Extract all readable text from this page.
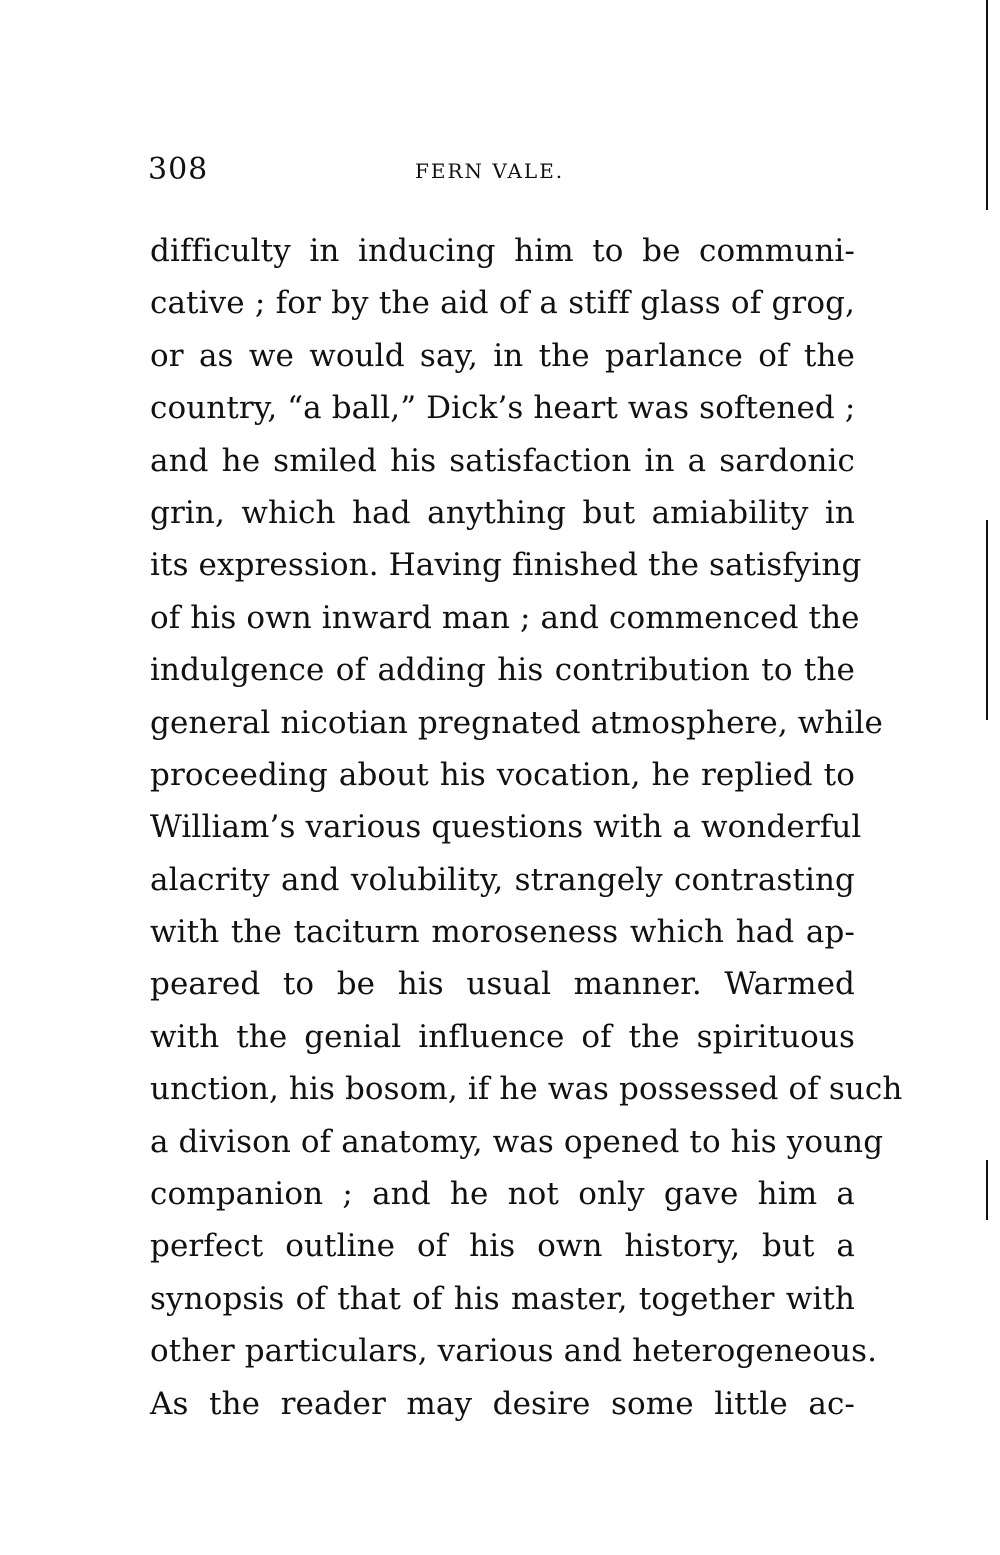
308	FERN VALE.
difficulty in inducing him to be communi-
cative ; for by the aid of a stiff glass of grog,
or as we would say, in the parlance of the
country, “a ball,” Dick’s heart was softened ;
and he smiled his satisfaction in a sardonic
grin, which had anything but amiability in
its expression. Having finished the satisfying
of his own inward man ; and commenced the
indulgence of adding his contribution to the
general nicotian pregnated atmosphere, while
proceeding about his vocation, he replied to
William’s various questions with a wonderful
alacrity and volubility, strangely contrasting
with the taciturn moroseness which had ap-
peared to be his usual manner. Warmed
with the genial influence of the spirituous
unction, his bosom, if he was possessed of such
a divison of anatomy, was opened to his young
companion ; and he not only gave him a
perfect outline of his own history, but a
synopsis of that of his master, together with
other particulars, various and heterogeneous.
As the reader may desire some little ac-
